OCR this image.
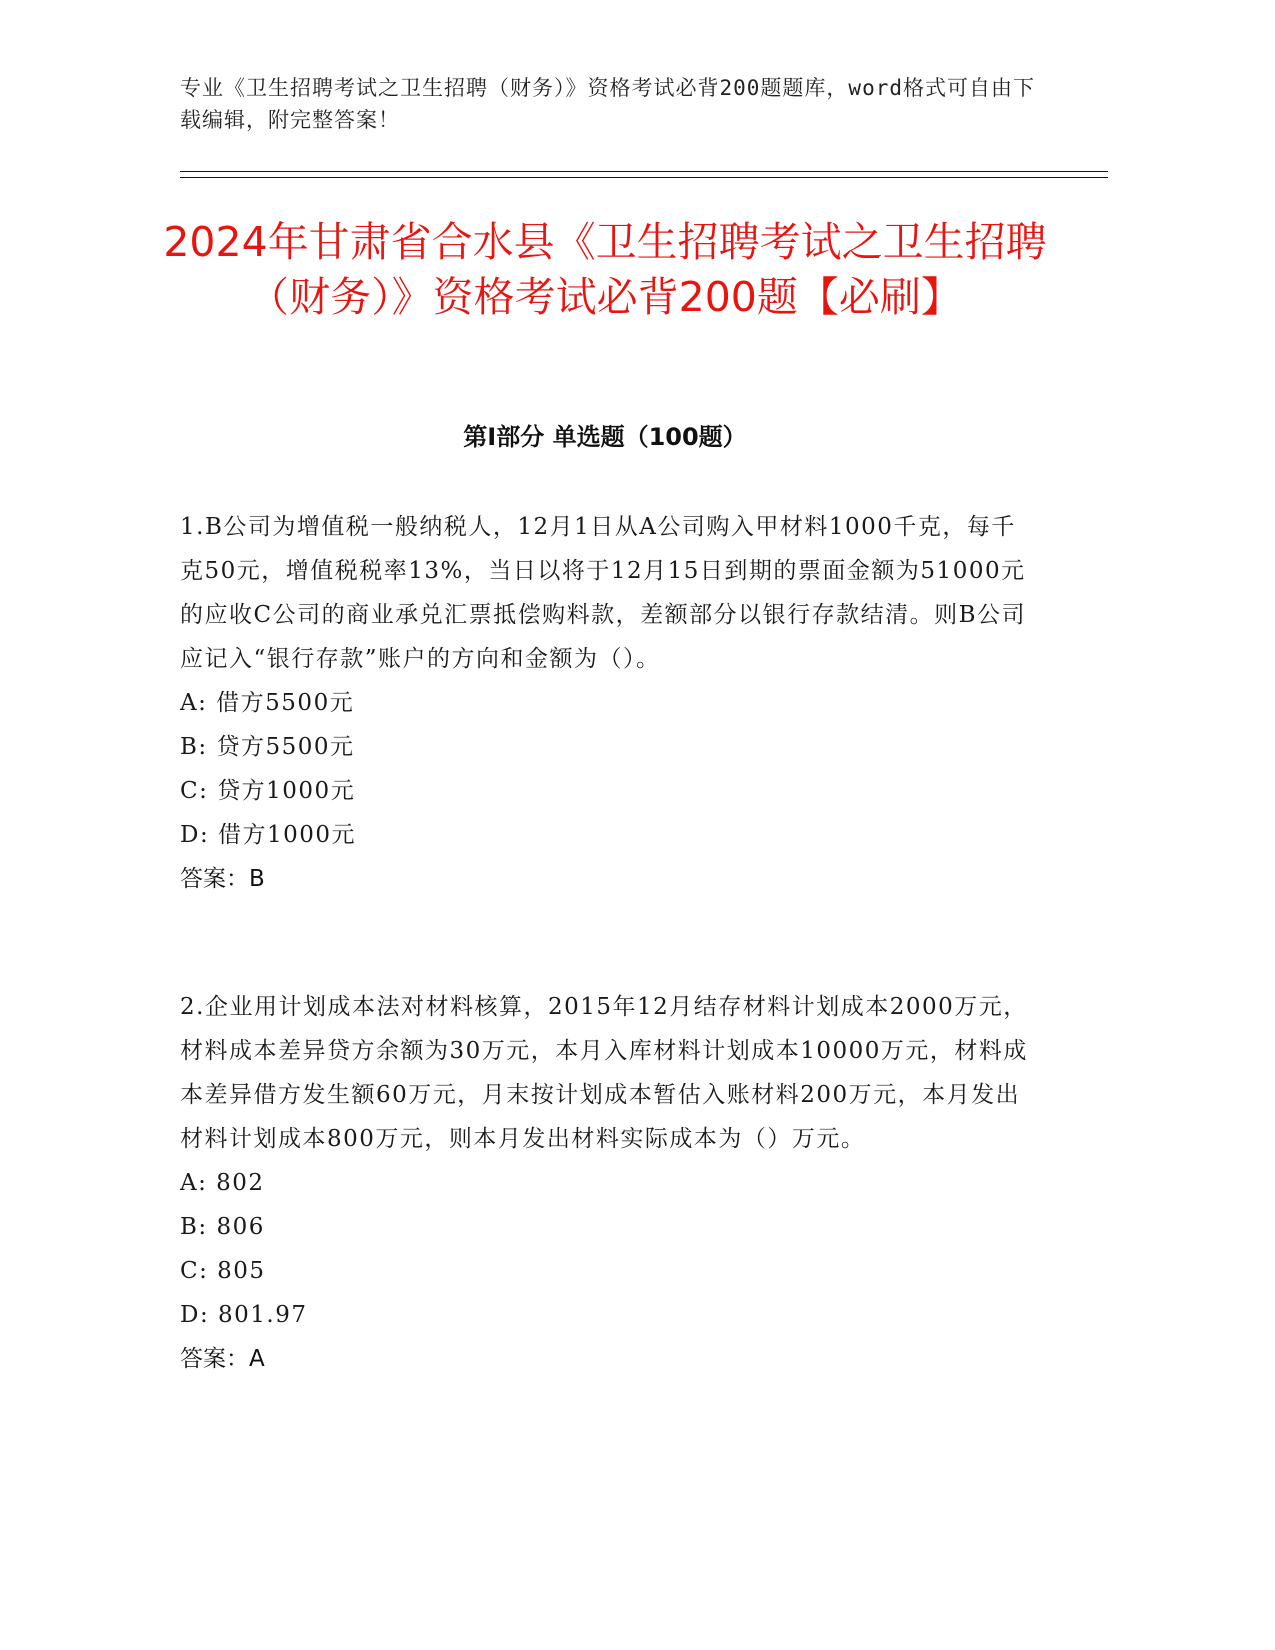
专业《卫生招聘考试之卫生招聘（财务）》资格考试必背200题题库，word格式可自由下载编辑，附完整答案！
2024年甘肃省合水县《卫生招聘考试之卫生招聘（财务）》资格考试必背200题【必刷】
第I部分 单选题（100题）

1.B公司为增值税一般纳税人，12月1日从A公司购入甲材料1000千克，每千克50元，增值税税率13%，当日以将于12月15日到期的票面金额为51000元的应收C公司的商业承兑汇票抵偿购料款，差额部分以银行存款结清。则B公司应记入“银行存款”账户的方向和金额为（）。

A: 借方5500元

B: 贷方5500元

C: 贷方1000元

D: 借方1000元

答案：B

2.企业用计划成本法对材料核算，2015年12月结存材料计划成本2000万元，材料成本差异贷方余额为30万元，本月入库材料计划成本10000万元，材料成本差异借方发生额60万元，月末按计划成本暂估入账材料200万元，本月发出材料计划成本800万元，则本月发出材料实际成本为（）万元。

A: 802

B: 806

C: 805

D: 801.97

答案：A
